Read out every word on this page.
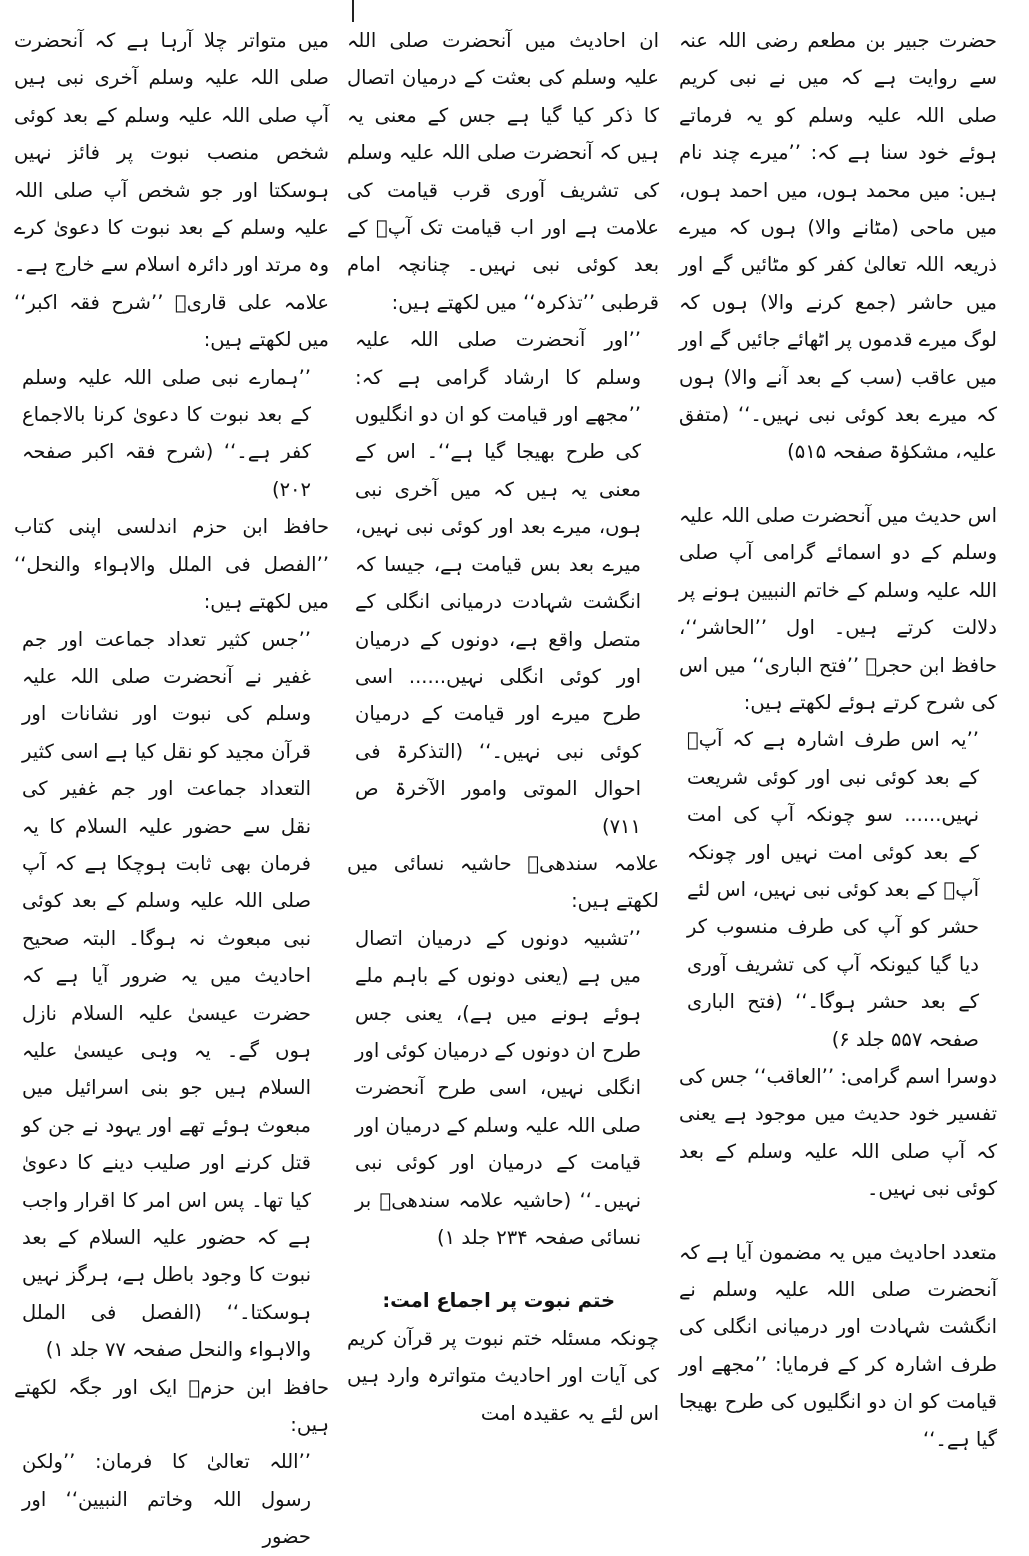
حضرت جبیر بن مطعم رضی اللہ عنہ سے روایت ہے کہ میں نے نبی کریم صلی اللہ علیہ وسلم کو یہ فرماتے ہوئے خود سنا ہے کہ: ’’میرے چند نام ہیں: میں محمد ہوں، میں احمد ہوں، میں ماحی (مٹانے والا) ہوں کہ میرے ذریعہ اللہ تعالیٰ کفر کو مٹائیں گے اور میں حاشر (جمع کرنے والا) ہوں کہ لوگ میرے قدموں پر اٹھائے جائیں گے اور میں عاقب (سب کے بعد آنے والا) ہوں کہ میرے بعد کوئی نبی نہیں۔‘‘ (متفق علیہ، مشکوٰۃ صفحہ ۵۱۵)

اس حدیث میں آنحضرت صلی اللہ علیہ وسلم کے دو اسمائے گرامی آپ صلی اللہ علیہ وسلم کے خاتم النبیین ہونے پر دلالت کرتے ہیں۔ اول ’’الحاشر‘‘، حافظ ابن حجرؒ ’’فتح الباری‘‘ میں اس کی شرح کرتے ہوئے لکھتے ہیں:

’’یہ اس طرف اشارہ ہے کہ آپؐ کے بعد کوئی نبی اور کوئی شریعت نہیں...... سو چونکہ آپ کی امت کے بعد کوئی امت نہیں اور چونکہ آپؐ کے بعد کوئی نبی نہیں، اس لئے حشر کو آپ کی طرف منسوب کر دیا گیا کیونکہ آپ کی تشریف آوری کے بعد حشر ہوگا۔‘‘ (فتح الباری صفحہ ۵۵۷ جلد ۶)

دوسرا اسم گرامی: ’’العاقب‘‘ جس کی تفسیر خود حدیث میں موجود ہے یعنی کہ آپ صلی اللہ علیہ وسلم کے بعد کوئی نبی نہیں۔

متعدد احادیث میں یہ مضمون آیا ہے کہ آنحضرت صلی اللہ علیہ وسلم نے انگشت شہادت اور درمیانی انگلی کی طرف اشارہ کر کے فرمایا: ’’مجھے اور قیامت کو ان دو انگلیوں کی طرح بھیجا گیا ہے۔‘‘

ان احادیث میں آنحضرت صلی اللہ علیہ وسلم کی بعثت کے درمیان اتصال کا ذکر کیا گیا ہے جس کے معنی یہ ہیں کہ آنحضرت صلی اللہ علیہ وسلم کی تشریف آوری قرب قیامت کی علامت ہے اور اب قیامت تک آپؐ کے بعد کوئی نبی نہیں۔ چنانچہ امام قرطبی ’’تذکرہ‘‘ میں لکھتے ہیں:

’’اور آنحضرت صلی اللہ علیہ وسلم کا ارشاد گرامی ہے کہ: ’’مجھے اور قیامت کو ان دو انگلیوں کی طرح بھیجا گیا ہے‘‘۔ اس کے معنی یہ ہیں کہ میں آخری نبی ہوں، میرے بعد اور کوئی نبی نہیں، میرے بعد بس قیامت ہے، جیسا کہ انگشت شہادت درمیانی انگلی کے متصل واقع ہے، دونوں کے درمیان اور کوئی انگلی نہیں...... اسی طرح میرے اور قیامت کے درمیان کوئی نبی نہیں۔‘‘ (التذکرۃ فی احوال الموتی وامور الآخرۃ ص ۷۱۱)

علامہ سندھیؒ حاشیہ نسائی میں لکھتے ہیں:

’’تشبیہ دونوں کے درمیان اتصال میں ہے (یعنی دونوں کے باہم ملے ہوئے ہونے میں ہے)، یعنی جس طرح ان دونوں کے درمیان کوئی اور انگلی نہیں، اسی طرح آنحضرت صلی اللہ علیہ وسلم کے درمیان اور قیامت کے درمیان اور کوئی نبی نہیں۔‘‘ (حاشیہ علامہ سندھیؒ بر نسائی صفحہ ۲۳۴ جلد ۱)

ختم نبوت پر اجماع امت:

چونکہ مسئلہ ختم نبوت پر قرآن کریم کی آیات اور احادیث متواترہ وارد ہیں اس لئے یہ عقیدہ امت

میں متواتر چلا آرہا ہے کہ آنحضرت صلی اللہ علیہ وسلم آخری نبی ہیں آپ صلی اللہ علیہ وسلم کے بعد کوئی شخص منصب نبوت پر فائز نہیں ہوسکتا اور جو شخص آپ صلی اللہ علیہ وسلم کے بعد نبوت کا دعویٰ کرے وہ مرتد اور دائرہ اسلام سے خارج ہے۔ علامہ علی قاریؒ ’’شرح فقہ اکبر‘‘ میں لکھتے ہیں:

’’ہمارے نبی صلی اللہ علیہ وسلم کے بعد نبوت کا دعویٰ کرنا بالاجماع کفر ہے۔‘‘ (شرح فقہ اکبر صفحہ ۲۰۲)

حافظ ابن حزم اندلسی اپنی کتاب ’’الفصل فی الملل والاہواء والنحل‘‘ میں لکھتے ہیں:

’’جس کثیر تعداد جماعت اور جم غفیر نے آنحضرت صلی اللہ علیہ وسلم کی نبوت اور نشانات اور قرآن مجید کو نقل کیا ہے اسی کثیر التعداد جماعت اور جم غفیر کی نقل سے حضور علیہ السلام کا یہ فرمان بھی ثابت ہوچکا ہے کہ آپ صلی اللہ علیہ وسلم کے بعد کوئی نبی مبعوث نہ ہوگا۔ البتہ صحیح احادیث میں یہ ضرور آیا ہے کہ حضرت عیسیٰ علیہ السلام نازل ہوں گے۔ یہ وہی عیسیٰ علیہ السلام ہیں جو بنی اسرائیل میں مبعوث ہوئے تھے اور یہود نے جن کو قتل کرنے اور صلیب دینے کا دعویٰ کیا تھا۔ پس اس امر کا اقرار واجب ہے کہ حضور علیہ السلام کے بعد نبوت کا وجود باطل ہے، ہرگز نہیں ہوسکتا۔‘‘ (الفصل فی الملل والاہواء والنحل صفحہ ۷۷ جلد ۱)

حافظ ابن حزمؒ ایک اور جگہ لکھتے ہیں:

’’اللہ تعالیٰ کا فرمان: ’’ولکن رسول اللہ وخاتم النبیین‘‘ اور حضور
